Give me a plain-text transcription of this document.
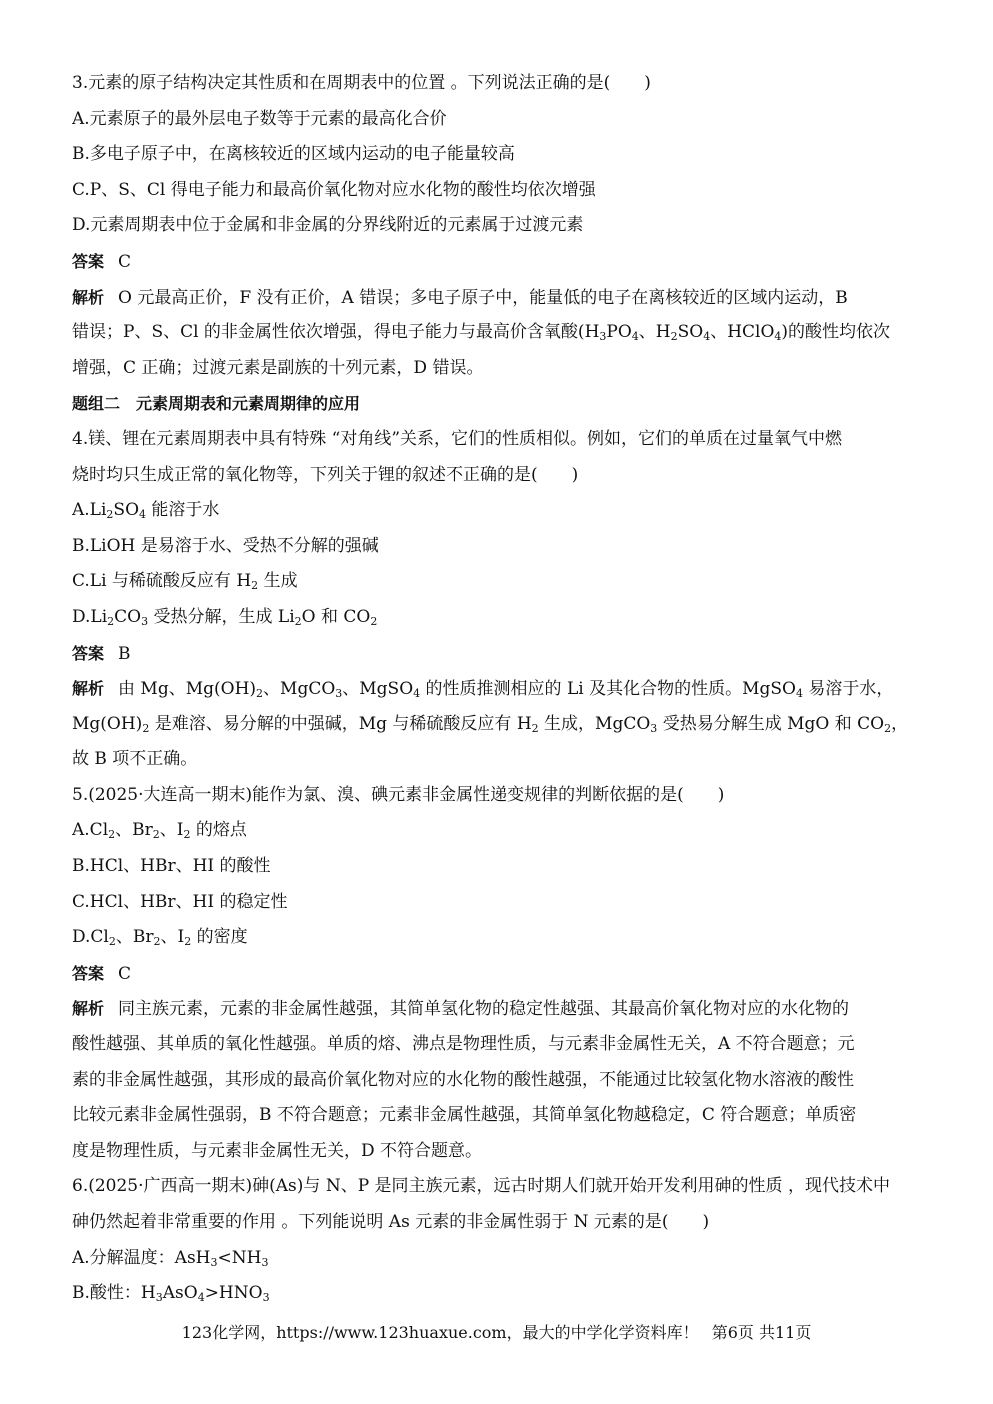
3.元素的原子结构决定其性质和在周期表中的位置 。下列说法正确的是(　　)
A.元素原子的最外层电子数等于元素的最高化合价
B.多电子原子中，在离核较近的区域内运动的电子能量较高
C.P、S、Cl 得电子能力和最高价氧化物对应水化物的酸性均依次增强
D.元素周期表中位于金属和非金属的分界线附近的元素属于过渡元素
答案 C
解析 O 元最高正价，F 没有正价，A 错误；多电子原子中，能量低的电子在离核较近的区域内运动，B
错误；P、S、Cl 的非金属性依次增强，得电子能力与最高价含氧酸($H_3PO_4$、$H_2SO_4$、HClO$_4$)的酸性均依次
增强，C 正确；过渡元素是副族的十列元素，D 错误。
题组二　元素周期表和元素周期律的应用
4.镁、锂在元素周期表中具有特殊 “对角线”关系，它们的性质相似。例如，它们的单质在过量氧气中燃
烧时均只生成正常的氧化物等，下列关于锂的叙述不正确的是(　　)
$A.Li_2SO_4$ 能溶于水
B.LiOH 是易溶于水、受热不分解的强碱
C.Li 与稀硫酸反应有 $H_2$ 生成
$D.Li_2CO_3$ 受热分解，生成 $Li_2O$ 和 $CO_2$
答案 B
解析 由 Mg、$Mg(OH)_2$、MgCO$_3$、MgSO$_4$ 的性质推测相应的 Li 及其化合物的性质。MgSO$_4$ 易溶于水，
$Mg(OH)_2$ 是难溶、易分解的中强碱，Mg 与稀硫酸反应有 $H_2$ 生成，MgCO$_3$ 受热易分解生成 MgO 和 $CO_2$，
故 B 项不正确。
5.(2025·大连高一期末)能作为氯、溴、碘元素非金属性递变规律的判断依据的是(　　)
$A.Cl_2$、$Br_2$、$I_2$ 的熔点
B.HCl、HBr、HI 的酸性
C.HCl、HBr、HI 的稳定性
$D.Cl_2$、$Br_2$、$I_2$ 的密度
答案 C
解析 同主族元素，元素的非金属性越强，其简单氢化物的稳定性越强、其最高价氧化物对应的水化物的
酸性越强、其单质的氧化性越强。单质的熔、沸点是物理性质，与元素非金属性无关，A 不符合题意；元
素的非金属性越强，其形成的最高价氧化物对应的水化物的酸性越强，不能通过比较氢化物水溶液的酸性
比较元素非金属性强弱，B 不符合题意；元素非金属性越强，其简单氢化物越稳定，C 符合题意；单质密
度是物理性质，与元素非金属性无关，D 不符合题意。
6.(2025·广西高一期末)砷(As)与 N、P 是同主族元素，远古时期人们就开始开发利用砷的性质 ，现代技术中
砷仍然起着非常重要的作用 。下列能说明 As 元素的非金属性弱于 N 元素的是(　　)
A.分解温度：$AsH_3<NH_3$
B.酸性：$H_3AsO_4>HNO_3$
123化学网，https://www.123huaxue.com，最大的中学化学资料库！ 第6页 共11页
